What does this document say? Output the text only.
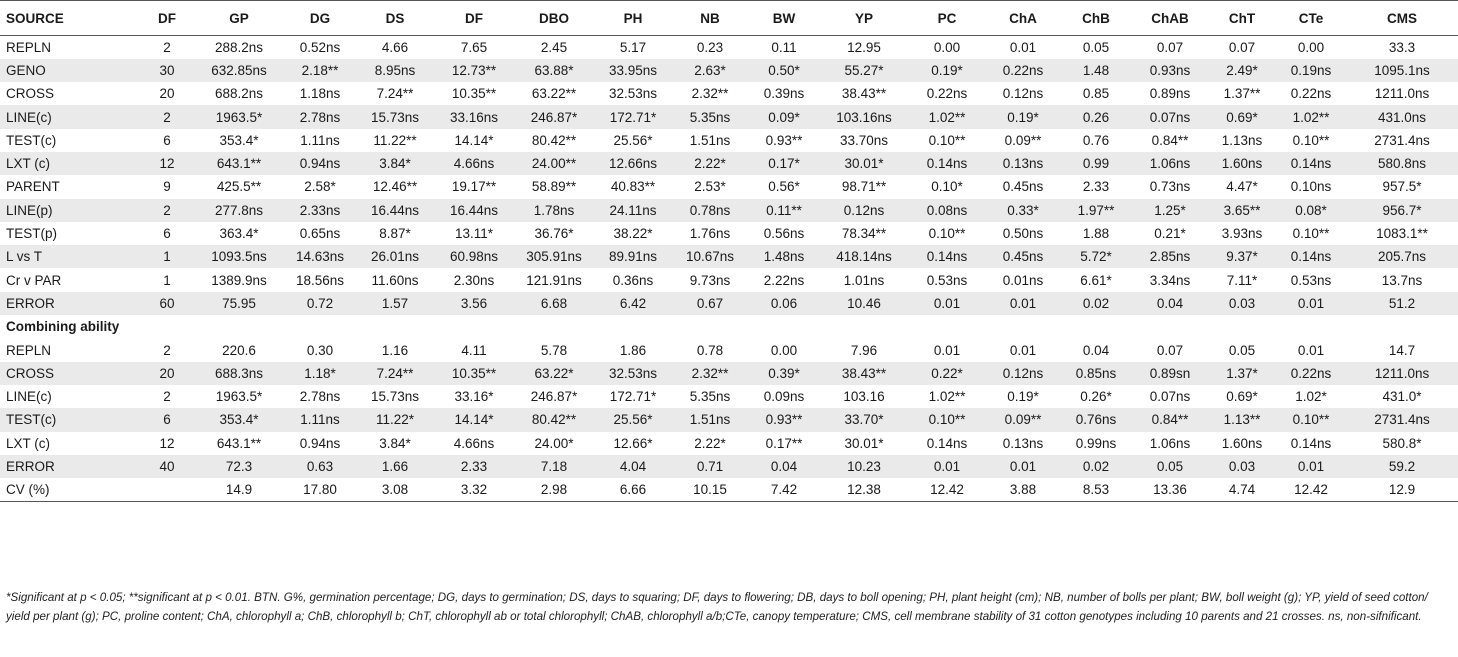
SOURCE	DF	GP	DG	DS	DF	DBO	PH	NB	BW	YP	PC	ChA	ChB	ChAB	ChT	CTe	CMS
REPLN	2	288.2ns	0.52ns	4.66	7.65	2.45	5.17	0.23	0.11	12.95	0.00	0.01	0.05	0.07	0.07	0.00	33.3
GENO	30	632.85ns	2.18**	8.95ns	12.73**	63.88*	33.95ns	2.63*	0.50*	55.27*	0.19*	0.22ns	1.48	0.93ns	2.49*	0.19ns	1095.1ns
CROSS	20	688.2ns	1.18ns	7.24**	10.35**	63.22**	32.53ns	2.32**	0.39ns	38.43**	0.22ns	0.12ns	0.85	0.89ns	1.37**	0.22ns	1211.0ns
LINE(c)	2	1963.5*	2.78ns	15.73ns	33.16ns	246.87*	172.71*	5.35ns	0.09*	103.16ns	1.02**	0.19*	0.26	0.07ns	0.69*	1.02**	431.0ns
TEST(c)	6	353.4*	1.11ns	11.22**	14.14*	80.42**	25.56*	1.51ns	0.93**	33.70ns	0.10**	0.09**	0.76	0.84**	1.13ns	0.10**	2731.4ns
LXT (c)	12	643.1**	0.94ns	3.84*	4.66ns	24.00**	12.66ns	2.22*	0.17*	30.01*	0.14ns	0.13ns	0.99	1.06ns	1.60ns	0.14ns	580.8ns
PARENT	9	425.5**	2.58*	12.46**	19.17**	58.89**	40.83**	2.53*	0.56*	98.71**	0.10*	0.45ns	2.33	0.73ns	4.47*	0.10ns	957.5*
LINE(p)	2	277.8ns	2.33ns	16.44ns	16.44ns	1.78ns	24.11ns	0.78ns	0.11**	0.12ns	0.08ns	0.33*	1.97**	1.25*	3.65**	0.08*	956.7*
TEST(p)	6	363.4*	0.65ns	8.87*	13.11*	36.76*	38.22*	1.76ns	0.56ns	78.34**	0.10**	0.50ns	1.88	0.21*	3.93ns	0.10**	1083.1**
L vs T	1	1093.5ns	14.63ns	26.01ns	60.98ns	305.91ns	89.91ns	10.67ns	1.48ns	418.14ns	0.14ns	0.45ns	5.72*	2.85ns	9.37*	0.14ns	205.7ns
Cr v PAR	1	1389.9ns	18.56ns	11.60ns	2.30ns	121.91ns	0.36ns	9.73ns	2.22ns	1.01ns	0.53ns	0.01ns	6.61*	3.34ns	7.11*	0.53ns	13.7ns
ERROR	60	75.95	0.72	1.57	3.56	6.68	6.42	0.67	0.06	10.46	0.01	0.01	0.02	0.04	0.03	0.01	51.2
Combining ability																	
REPLN	2	220.6	0.30	1.16	4.11	5.78	1.86	0.78	0.00	7.96	0.01	0.01	0.04	0.07	0.05	0.01	14.7
CROSS	20	688.3ns	1.18*	7.24**	10.35**	63.22*	32.53ns	2.32**	0.39*	38.43**	0.22*	0.12ns	0.85ns	0.89sn	1.37*	0.22ns	1211.0ns
LINE(c)	2	1963.5*	2.78ns	15.73ns	33.16*	246.87*	172.71*	5.35ns	0.09ns	103.16	1.02**	0.19*	0.26*	0.07ns	0.69*	1.02*	431.0*
TEST(c)	6	353.4*	1.11ns	11.22*	14.14*	80.42**	25.56*	1.51ns	0.93**	33.70*	0.10**	0.09**	0.76ns	0.84**	1.13**	0.10**	2731.4ns
LXT (c)	12	643.1**	0.94ns	3.84*	4.66ns	24.00*	12.66*	2.22*	0.17**	30.01*	0.14ns	0.13ns	0.99ns	1.06ns	1.60ns	0.14ns	580.8*
ERROR	40	72.3	0.63	1.66	2.33	7.18	4.04	0.71	0.04	10.23	0.01	0.01	0.02	0.05	0.03	0.01	59.2
CV (%)		14.9	17.80	3.08	3.32	2.98	6.66	10.15	7.42	12.38	12.42	3.88	8.53	13.36	4.74	12.42	12.9
*Significant at p < 0.05; **significant at p < 0.01. BTN. G%, germination percentage; DG, days to germination; DS, days to squaring; DF, days to flowering; DB, days to boll opening; PH, plant height (cm); NB, number of bolls per plant; BW, boll weight (g); YP, yield of seed cotton/ yield per plant (g); PC, proline content; ChA, chlorophyll a; ChB, chlorophyll b; ChT, chlorophyll ab or total chlorophyll; ChAB, chlorophyll a/b;CTe, canopy temperature; CMS, cell membrane stability of 31 cotton genotypes including 10 parents and 21 crosses. ns, non-sifnificant.
